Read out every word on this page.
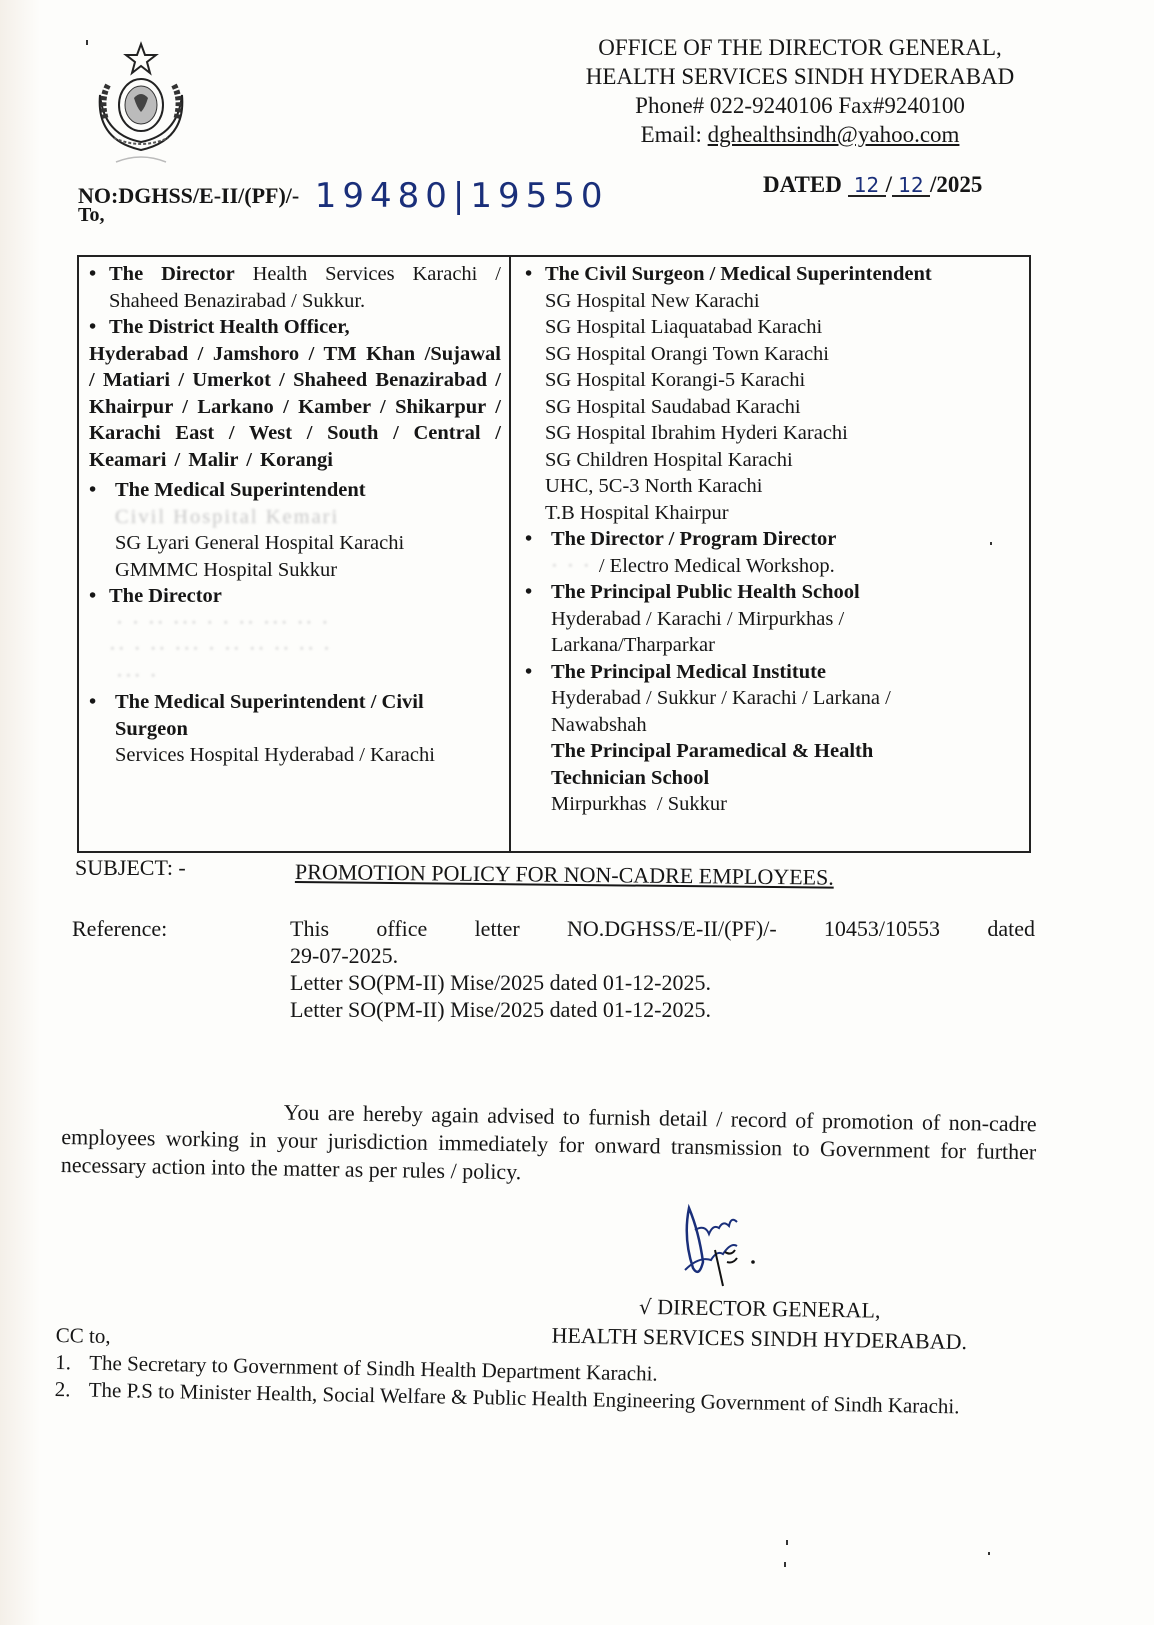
OFFICE OF THE DIRECTOR GENERAL,
HEALTH SERVICES SINDH HYDERABAD
Phone# 022-9240106 Fax#9240100
Email: dghealthsindh@yahoo.com
NO:DGHSS/E-II/(PF)/- 19480|19550
To,
DATED 12 / 12 /2025
• The Director Health Services Karachi / Shaheed Benazirabad / Sukkur.
• The District Health Officer,
Hyderabad / Jamshoro / TM Khan /Sujawal / Matiari / Umerkot / Shaheed Benazirabad / Khairpur / Larkano / Kamber / Shikarpur / Karachi East / West / South / Central / Keamari / Malir / Korangi
• The Medical Superintendent
Civil Hospital Kemari
SG Lyari General Hospital Karachi
GMMMC Hospital Sukkur
• The Director
· · ·· ··· · · ·· ··· ·· ·
·· · ·· ··· · ·· ·· ·· ·· ·
··· ·
• The Medical Superintendent / Civil Surgeon
Services Hospital Hyderabad / Karachi
• The Civil Surgeon / Medical Superintendent
SG Hospital New Karachi
SG Hospital Liaquatabad Karachi
SG Hospital Orangi Town Karachi
SG Hospital Korangi-5 Karachi
SG Hospital Saudabad Karachi
SG Hospital Ibrahim Hyderi Karachi
SG Children Hospital Karachi
UHC, 5C-3 North Karachi
T.B Hospital Khairpur
• The Director / Program Director
· · · / Electro Medical Workshop.
• The Principal Public Health School
Hyderabad / Karachi / Mirpurkhas /
Larkana/Tharparkar
• The Principal Medical Institute
Hyderabad / Sukkur / Karachi / Larkana /
Nawabshah
The Principal Paramedical & Health Technician School
Mirpurkhas  / Sukkur
SUBJECT: -	PROMOTION POLICY FOR NON-CADRE EMPLOYEES.
Reference:	This office letter NO.DGHSS/E-II/(PF)/- 10453/10553 dated
29-07-2025.
Letter SO(PM-II) Mise/2025 dated 01-12-2025.
Letter SO(PM-II) Mise/2025 dated 01-12-2025.

You are hereby again advised to furnish detail / record of promotion of non-cadre employees working in your jurisdiction immediately for onward transmission to Government for further necessary action into the matter as per rules / policy.

√ DIRECTOR GENERAL,
HEALTH SERVICES SINDH HYDERABAD.
CC to,
1. The Secretary to Government of Sindh Health Department Karachi.
2. The P.S to Minister Health, Social Welfare & Public Health Engineering Government of Sindh Karachi.
